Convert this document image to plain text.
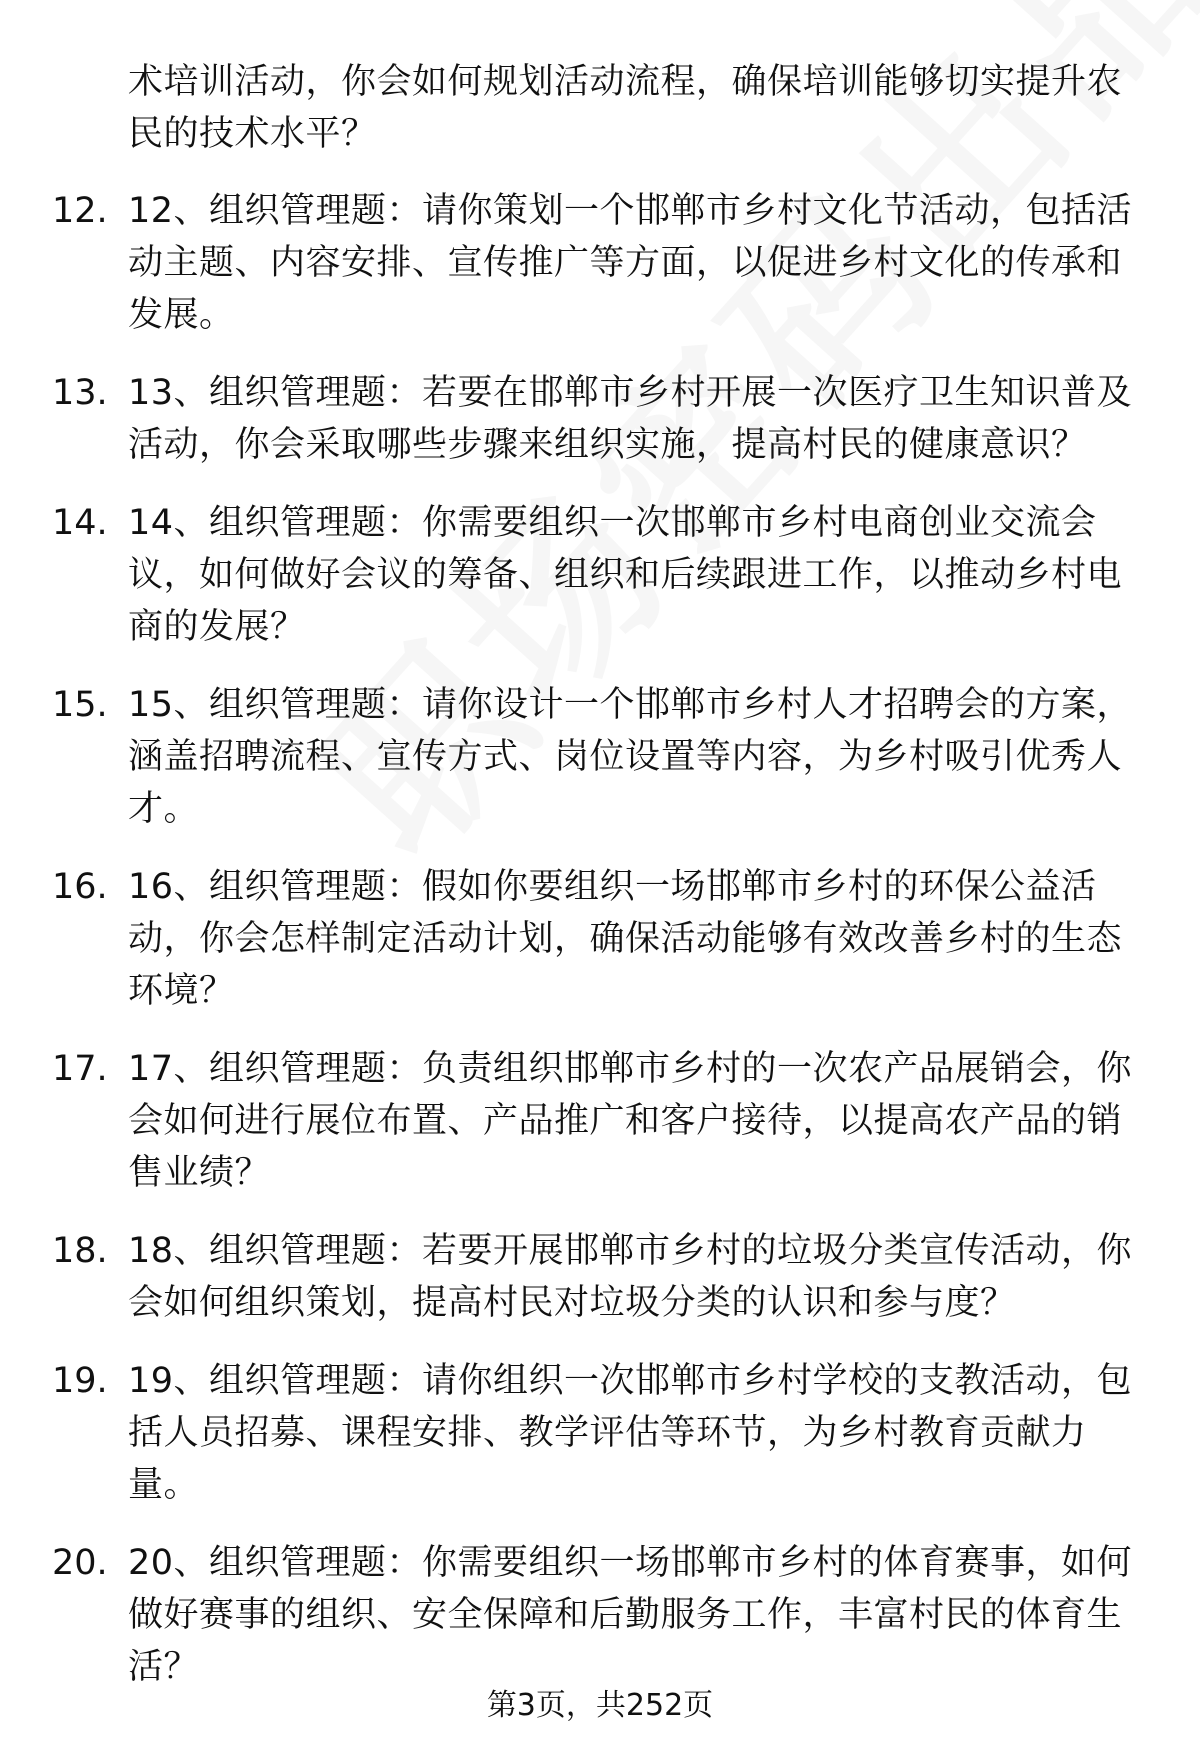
术培训活动，你会如何规划活动流程，确保培训能够切实提升农民的技术水平？
12. 12、组织管理题：请你策划一个邯郸市乡村文化节活动，包括活动主题、内容安排、宣传推广等方面，以促进乡村文化的传承和发展。
13. 13、组织管理题：若要在邯郸市乡村开展一次医疗卫生知识普及活动，你会采取哪些步骤来组织实施，提高村民的健康意识？
14. 14、组织管理题：你需要组织一次邯郸市乡村电商创业交流会议，如何做好会议的筹备、组织和后续跟进工作，以推动乡村电商的发展？
15. 15、组织管理题：请你设计一个邯郸市乡村人才招聘会的方案，涵盖招聘流程、宣传方式、岗位设置等内容，为乡村吸引优秀人才。
16. 16、组织管理题：假如你要组织一场邯郸市乡村的环保公益活动，你会怎样制定活动计划，确保活动能够有效改善乡村的生态环境？
17. 17、组织管理题：负责组织邯郸市乡村的一次农产品展销会，你会如何进行展位布置、产品推广和客户接待，以提高农产品的销售业绩？
18. 18、组织管理题：若要开展邯郸市乡村的垃圾分类宣传活动，你会如何组织策划，提高村民对垃圾分类的认识和参与度？
19. 19、组织管理题：请你组织一次邯郸市乡村学校的支教活动，包括人员招募、课程安排、教学评估等环节，为乡村教育贡献力量。
20. 20、组织管理题：你需要组织一场邯郸市乡村的体育赛事，如何做好赛事的组织、安全保障和后勤服务工作，丰富村民的体育生活？
第3页，共252页
